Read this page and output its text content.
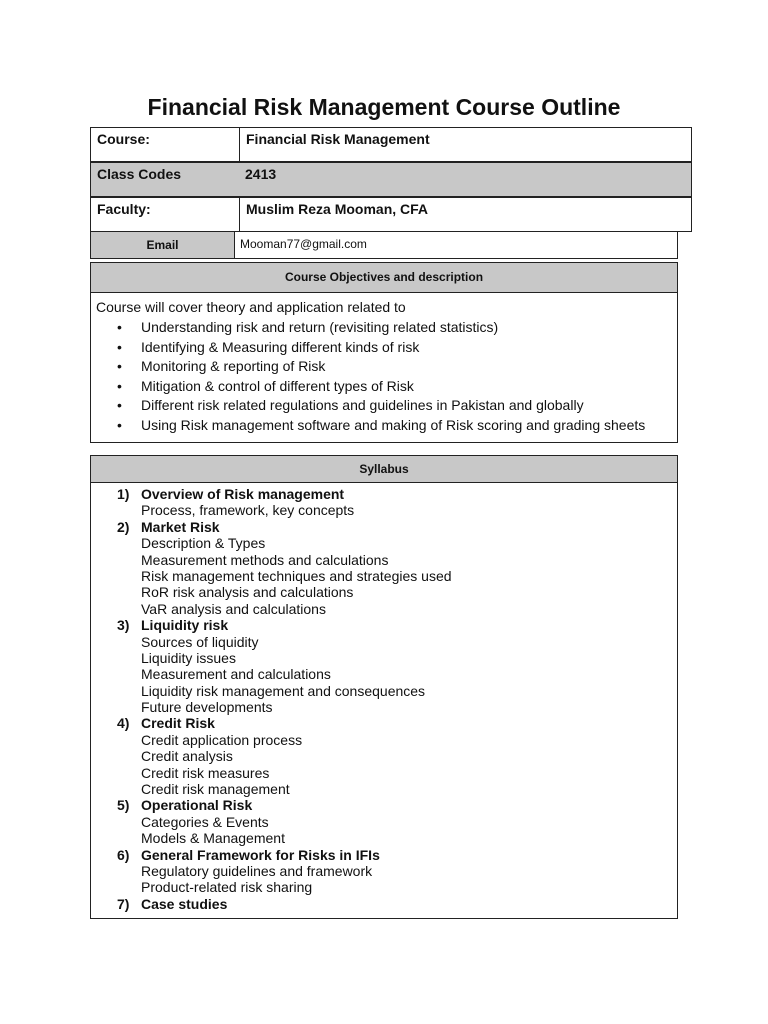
Financial Risk Management Course Outline
Course:	Financial Risk Management
Class Codes	2413
Faculty:	Muslim Reza Mooman, CFA
Email	Mooman77@gmail.com
Course Objectives and description
Course will cover theory and application related to
• Understanding risk and return (revisiting related statistics)
• Identifying & Measuring different kinds of risk
• Monitoring & reporting of Risk
• Mitigation & control of different types of Risk
• Different risk related regulations and guidelines in Pakistan and globally
• Using Risk management software and making of Risk scoring and grading sheets
Syllabus
1) Overview of Risk management
Process, framework, key concepts
2) Market Risk
Description & Types
Measurement methods and calculations
Risk management techniques and strategies used
RoR risk analysis and calculations
VaR analysis and calculations
3) Liquidity risk
Sources of liquidity
Liquidity issues
Measurement and calculations
Liquidity risk management and consequences
Future developments
4) Credit Risk
Credit application process
Credit analysis
Credit risk measures
Credit risk management
5) Operational Risk
Categories & Events
Models & Management
6) General Framework for Risks in IFIs
Regulatory guidelines and framework
Product-related risk sharing
7) Case studies
